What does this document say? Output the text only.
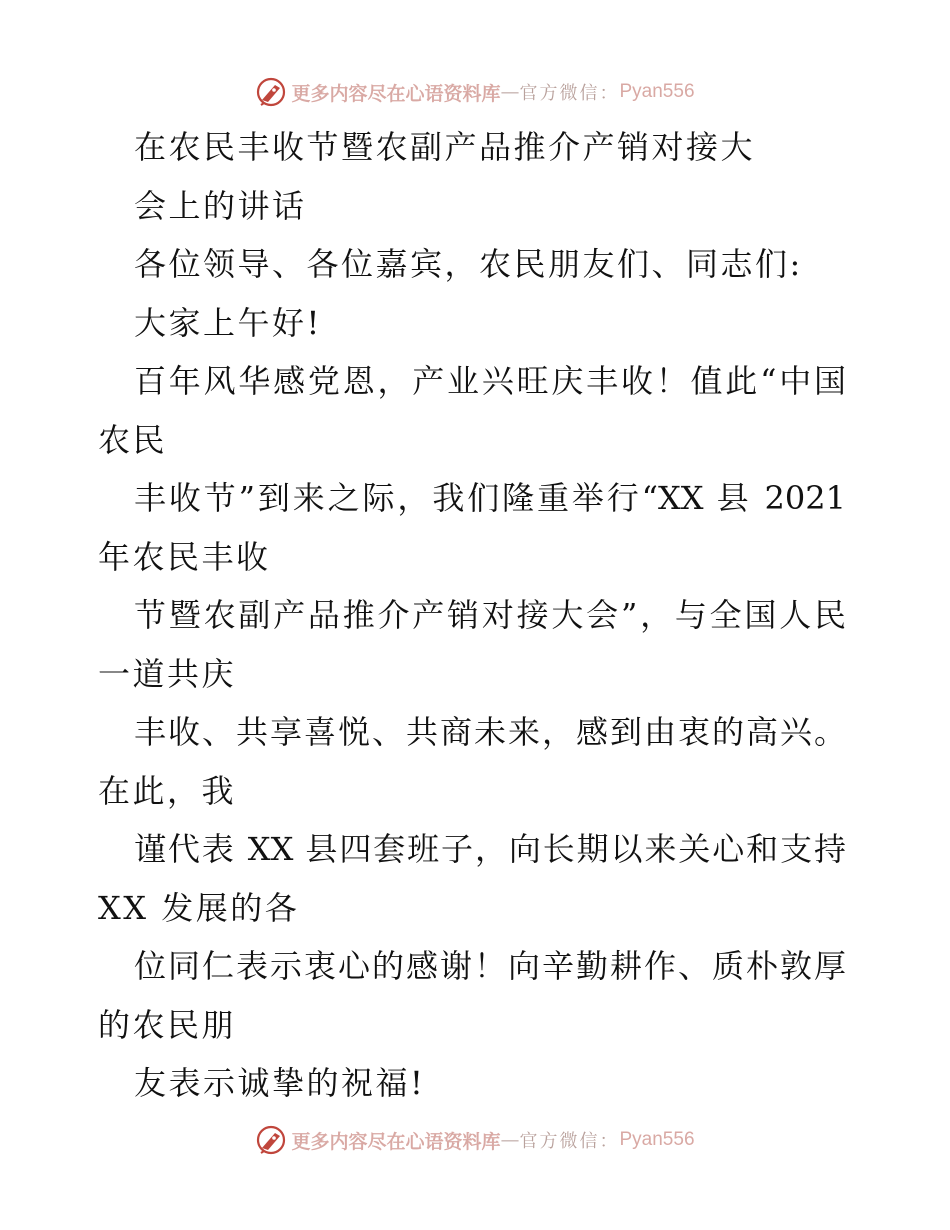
更多内容尽在心语资料库 — 官方微信： Pyan556
在农民丰收节暨农副产品推介产销对接大
会上的讲话
各位领导、各位嘉宾，农民朋友们、同志们:
大家上午好!
百年风华感党恩，产业兴旺庆丰收！值此“中国
农民
丰收节”到来之际，我们隆重举行“XX 县 2021
年农民丰收
节暨农副产品推介产销对接大会”，与全国人民
一道共庆
丰收、共享喜悦、共商未来，感到由衷的高兴。
在此，我
谨代表 XX 县四套班子，向长期以来关心和支持
XX 发展的各
位同仁表示衷心的感谢！向辛勤耕作、质朴敦厚
的农民朋
友表示诚挚的祝福!
更多内容尽在心语资料库 — 官方微信： Pyan556
